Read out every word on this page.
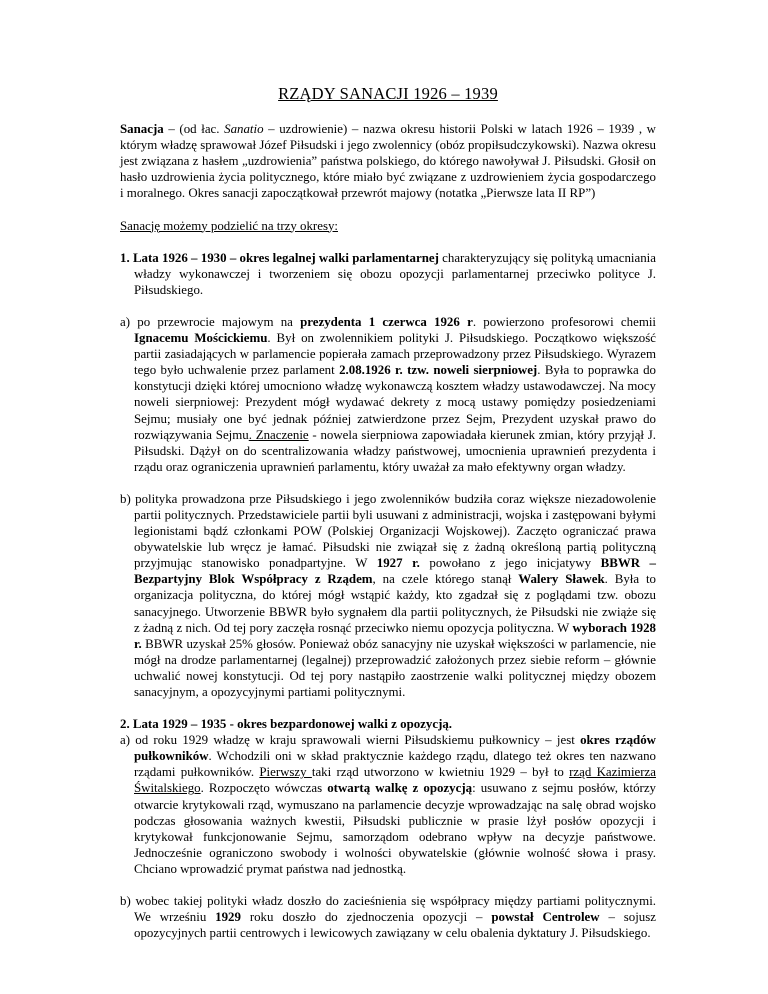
RZĄDY SANACJI 1926 – 1939

Sanacja – (od łac. Sanatio – uzdrowienie) – nazwa okresu historii Polski w latach 1926 – 1939 , w którym władzę sprawował Józef Piłsudski i jego zwolennicy (obóz propiłsudczykowski). Nazwa okresu jest związana z hasłem „uzdrowienia” państwa polskiego, do którego nawoływał J. Piłsudski. Głosił on hasło uzdrowienia życia politycznego, które miało być związane z uzdrowieniem życia gospodarczego i moralnego. Okres sanacji zapoczątkował przewrót majowy (notatka „Pierwsze lata II RP”)

Sanację możemy podzielić na trzy okresy:

1. Lata 1926 – 1930 – okres legalnej walki parlamentarnej charakteryzujący się polityką umacniania władzy wykonawczej i tworzeniem się obozu opozycji parlamentarnej przeciwko polityce J. Piłsudskiego.

a) po przewrocie majowym na prezydenta 1 czerwca 1926 r. powierzono profesorowi chemii Ignacemu Mościckiemu. Był on zwolennikiem polityki J. Piłsudskiego. Początkowo większość partii zasiadających w parlamencie popierała zamach przeprowadzony przez Piłsudskiego. Wyrazem tego było uchwalenie przez parlament 2.08.1926 r. tzw. noweli sierpniowej. Była to poprawka do konstytucji dzięki której umocniono władzę wykonawczą kosztem władzy ustawodawczej. Na mocy noweli sierpniowej: Prezydent mógł wydawać dekrety z mocą ustawy pomiędzy posiedzeniami Sejmu; musiały one być jednak później zatwierdzone przez Sejm, Prezydent uzyskał prawo do rozwiązywania Sejmu. Znaczenie - nowela sierpniowa zapowiadała kierunek zmian, który przyjął J. Piłsudski. Dążył on do scentralizowania władzy państwowej, umocnienia uprawnień prezydenta i rządu oraz ograniczenia uprawnień parlamentu, który uważał za mało efektywny organ władzy.

b) polityka prowadzona prze Piłsudskiego i jego zwolenników budziła coraz większe niezadowolenie partii politycznych. Przedstawiciele partii byli usuwani z administracji, wojska i zastępowani byłymi legionistami bądź członkami POW (Polskiej Organizacji Wojskowej). Zaczęto ograniczać prawa obywatelskie lub wręcz je łamać. Piłsudski nie związał się z żadną określoną partią polityczną przyjmując stanowisko ponadpartyjne. W 1927 r. powołano z jego inicjatywy BBWR – Bezpartyjny Blok Współpracy z Rządem, na czele którego stanął Walery Sławek. Była to organizacja polityczna, do której mógł wstąpić każdy, kto zgadzał się z poglądami tzw. obozu sanacyjnego. Utworzenie BBWR było sygnałem dla partii politycznych, że Piłsudski nie zwiąże się z żadną z nich. Od tej pory zaczęła rosnąć przeciwko niemu opozycja polityczna. W wyborach 1928 r. BBWR uzyskał 25% głosów. Ponieważ obóz sanacyjny nie uzyskał większości w parlamencie, nie mógł na drodze parlamentarnej (legalnej) przeprowadzić założonych przez siebie reform – głównie uchwalić nowej konstytucji. Od tej pory nastąpiło zaostrzenie walki politycznej między obozem sanacyjnym, a opozycyjnymi partiami politycznymi.

2. Lata 1929 – 1935 - okres bezpardonowej walki z opozycją.

a) od roku 1929 władzę w kraju sprawowali wierni Piłsudskiemu pułkownicy – jest okres rządów pułkowników. Wchodzili oni w skład praktycznie każdego rządu, dlatego też okres ten nazwano rządami pułkowników. Pierwszy taki rząd utworzono w kwietniu 1929 – był to rząd Kazimierza Świtalskiego. Rozpoczęto wówczas otwartą walkę z opozycją: usuwano z sejmu posłów, którzy otwarcie krytykowali rząd, wymuszano na parlamencie decyzje wprowadzając na salę obrad wojsko podczas głosowania ważnych kwestii, Piłsudski publicznie w prasie lżył posłów opozycji i krytykował funkcjonowanie Sejmu, samorządom odebrano wpływ na decyzje państwowe. Jednocześnie ograniczono swobody i wolności obywatelskie (głównie wolność słowa i prasy. Chciano wprowadzić prymat państwa nad jednostką.

b) wobec takiej polityki władz doszło do zacieśnienia się współpracy między partiami politycznymi. We wrześniu 1929 roku doszło do zjednoczenia opozycji – powstał Centrolew – sojusz opozycyjnych partii centrowych i lewicowych zawiązany w celu obalenia dyktatury J. Piłsudskiego.
